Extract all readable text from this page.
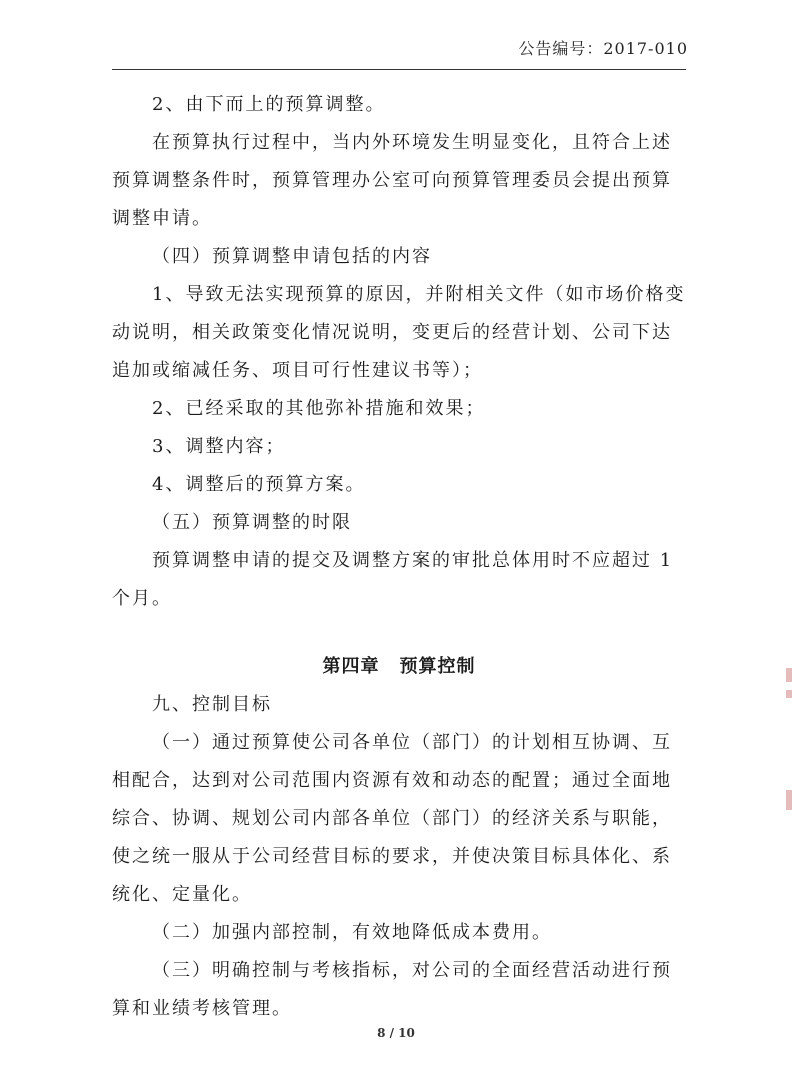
公告编号：2017-010

2、由下而上的预算调整。

在预算执行过程中，当内外环境发生明显变化，且符合上述预算调整条件时，预算管理办公室可向预算管理委员会提出预算调整申请。

（四）预算调整申请包括的内容

1、导致无法实现预算的原因，并附相关文件（如市场价格变动说明，相关政策变化情况说明，变更后的经营计划、公司下达追加或缩减任务、项目可行性建议书等）；

2、已经采取的其他弥补措施和效果；

3、调整内容；

4、调整后的预算方案。

（五）预算调整的时限

预算调整申请的提交及调整方案的审批总体用时不应超过 1 个月。

第四章 预算控制

九、控制目标

（一）通过预算使公司各单位（部门）的计划相互协调、互相配合，达到对公司范围内资源有效和动态的配置；通过全面地综合、协调、规划公司内部各单位（部门）的经济关系与职能，使之统一服从于公司经营目标的要求，并使决策目标具体化、系统化、定量化。

（二）加强内部控制，有效地降低成本费用。

（三）明确控制与考核指标，对公司的全面经营活动进行预算和业绩考核管理。

8 / 10
